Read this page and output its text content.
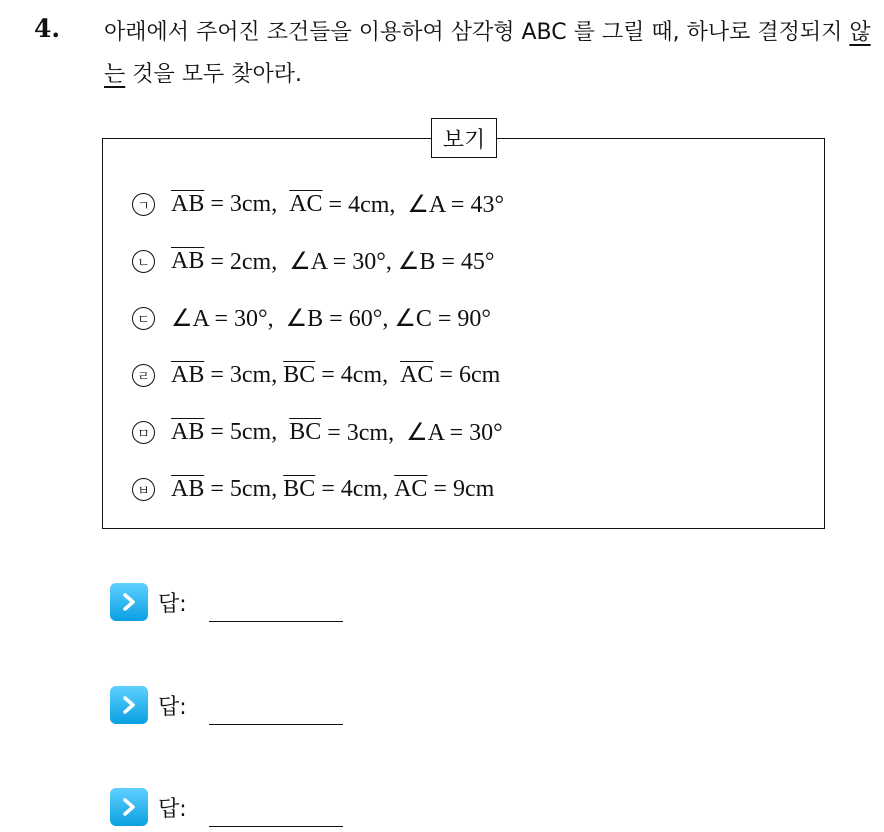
4. 아래에서 주어진 조건들을 이용하여 삼각형 ABC 를 그릴 때, 하나로 결정되지 않는 것을 모두 찾아라.
보기
ㄱ $\overline{AB} = 3cm$, $\overline{AC} = 4cm$,  ∠A = 43°
ㄴ $\overline{AB} = 2cm$,  ∠A = 30°, ∠B = 45°
ㄷ ∠A = 30°,  ∠B = 60°, ∠C = 90°
ㄹ $\overline{AB} = 3cm$, $\overline{BC} = 4cm$, $\overline{AC} = 6cm$
ㅁ $\overline{AB} = 5cm$, $\overline{BC} = 3cm$,  ∠A = 30°
ㅂ $\overline{AB} = 5cm$, $\overline{BC} = 4cm$, $\overline{AC} = 9cm$
답:
답:
답:
